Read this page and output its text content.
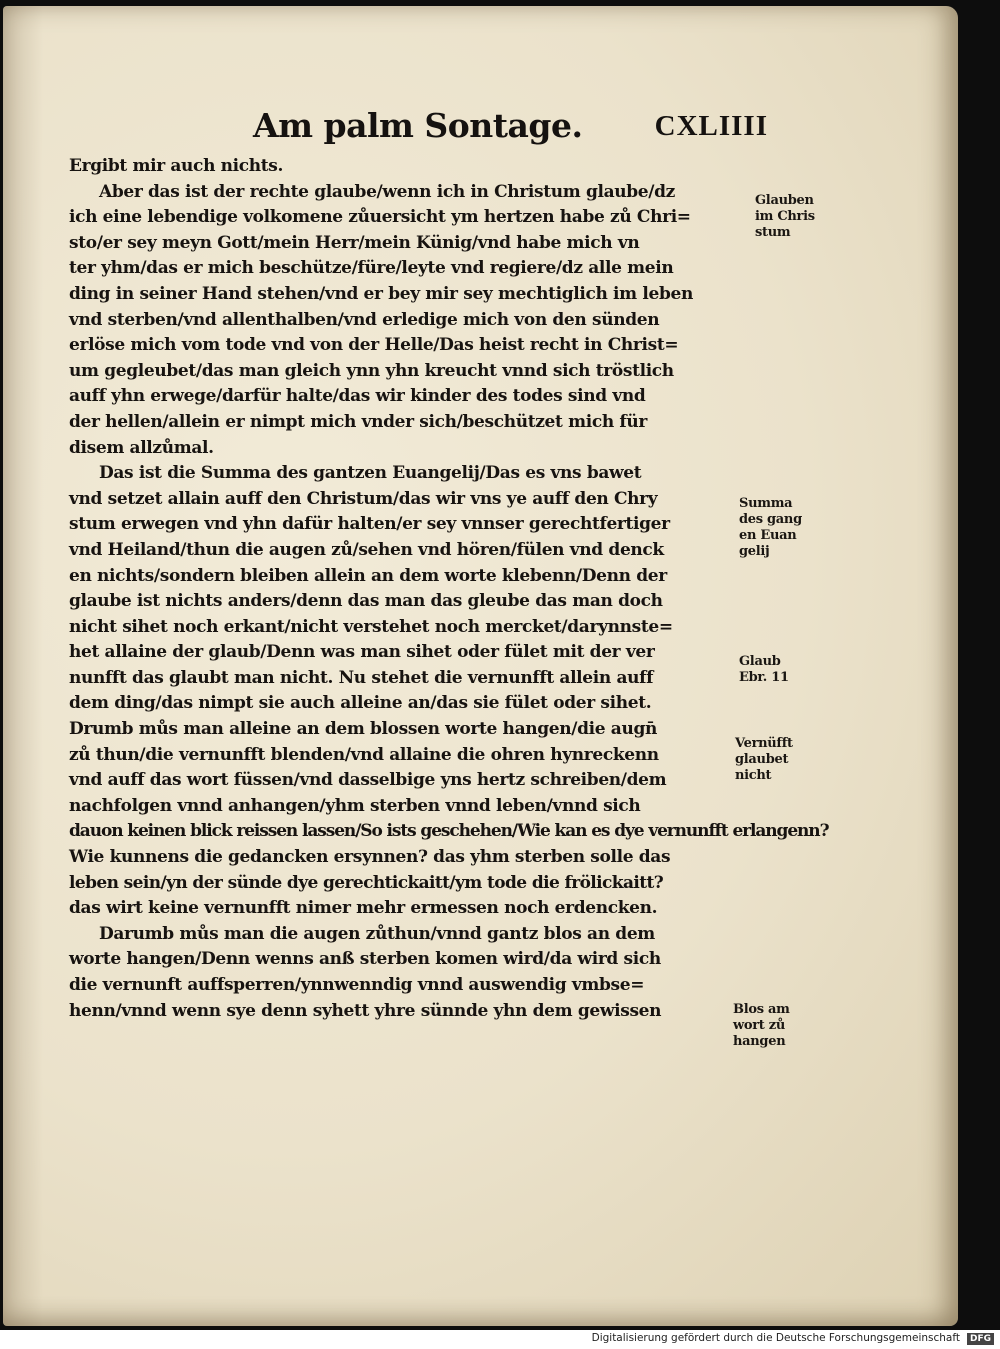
Am palm Sontage. CXLIIII
Ergibt mir auch nichts.
Aber das ist der rechte glaube/wenn ich in Christum glaube/dz
ich eine lebendige volkomene zůuersicht ym hertzen habe zů Chri=
sto/er sey meyn Gott/mein Herr/mein Künig/vnd habe mich vn
ter yhm/das er mich beschütze/füre/leyte vnd regiere/dz alle mein
ding in seiner Hand stehen/vnd er bey mir sey mechtiglich im leben
vnd sterben/vnd allenthalben/vnd erledige mich von den sünden
erlöse mich vom tode vnd von der Helle/Das heist recht in Christ=
um gegleubet/das man gleich ynn yhn kreucht vnnd sich tröstlich
auff yhn erwege/darfür halte/das wir kinder des todes sind vnd
der hellen/allein er nimpt mich vnder sich/beschützet mich für
disem allzůmal.
Das ist die Summa des gantzen Euangelij/Das es vns bawet
vnd setzet allain auff den Christum/das wir vns ye auff den Chry
stum erwegen vnd yhn dafür halten/er sey vnnser gerechtfertiger
vnd Heiland/thun die augen zů/sehen vnd hören/fülen vnd denck
en nichts/sondern bleiben allein an dem worte klebenn/Denn der
glaube ist nichts anders/denn das man das gleube das man doch
nicht sihet noch erkant/nicht verstehet noch mercket/darynnste=
het allaine der glaub/Denn was man sihet oder fület mit der ver
nunfft das glaubt man nicht. Nu stehet die vernunfft allein auff
dem ding/das nimpt sie auch alleine an/das sie fület oder sihet.
Drumb můs man alleine an dem blossen worte hangen/die augn̄
zů thun/die vernunfft blenden/vnd allaine die ohren hynreckenn
vnd auff das wort füssen/vnd dasselbige yns hertz schreiben/dem
nachfolgen vnnd anhangen/yhm sterben vnnd leben/vnnd sich
dauon keinen blick reissen lassen/So ists geschehen/Wie kan es dye vernunfft erlangenn?
Wie kunnens die gedancken ersynnen? das yhm sterben solle das
leben sein/yn der sünde dye gerechtickaitt/ym tode die frölickaitt?
das wirt keine vernunfft nimer mehr ermessen noch erdencken.
Darumb můs man die augen zůthun/vnnd gantz blos an dem
worte hangen/Denn wenns anß sterben komen wird/da wird sich
die vernunft auffsperren/ynnwenndig vnnd auswendig vmbse=
henn/vnnd wenn sye denn syhett yhre sünnde yhn dem gewissen
Glauben
im Chris
stum
Summa
des gang
en Euan
gelij
Glaub
Ebr. 11
Vernüfft
glaubet
nicht
Blos am
wort zů
hangen
Digitalisierung gefördert durch die Deutsche Forschungsgemeinschaft	DFG
